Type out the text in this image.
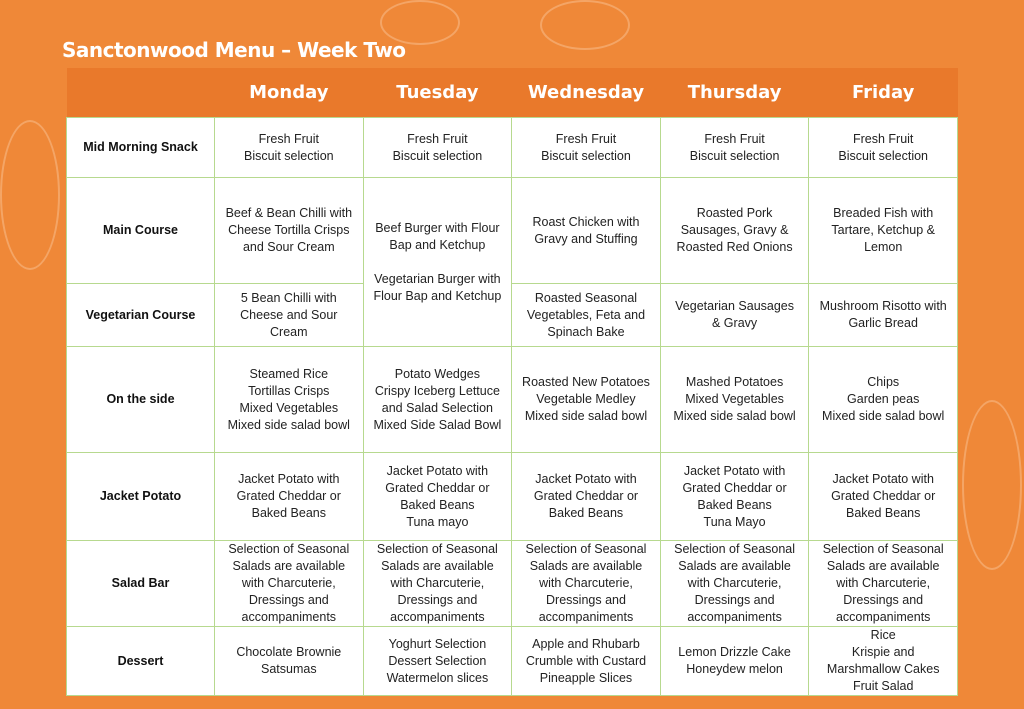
Sanctonwood Menu – Week Two
	Monday	Tuesday	Wednesday	Thursday	Friday
Mid Morning Snack	Fresh Fruit
Biscuit selection	Fresh Fruit
Biscuit selection	Fresh Fruit
Biscuit selection	Fresh Fruit
Biscuit selection	Fresh Fruit
Biscuit selection
Main Course	Beef & Bean Chilli with
Cheese Tortilla Crisps
and Sour Cream	Beef Burger with Flour
Bap and Ketchup

Vegetarian Burger with
Flour Bap and Ketchup	Roast Chicken with
Gravy and Stuffing	Roasted Pork
Sausages, Gravy &
Roasted Red Onions	Breaded Fish with
Tartare, Ketchup &
Lemon
Vegetarian Course	5 Bean Chilli with
Cheese and Sour
Cream		Roasted Seasonal
Vegetables, Feta and
Spinach Bake	Vegetarian Sausages
& Gravy	Mushroom Risotto with
Garlic Bread
On the side	Steamed Rice
Tortillas Crisps
Mixed Vegetables
Mixed side salad bowl	Potato Wedges
Crispy Iceberg Lettuce
and Salad Selection
Mixed Side Salad Bowl	Roasted New Potatoes
Vegetable Medley
Mixed side salad bowl	Mashed Potatoes
Mixed Vegetables
Mixed side salad bowl	Chips
Garden peas
Mixed side salad bowl
Jacket Potato	Jacket Potato with
Grated Cheddar or
Baked Beans	Jacket Potato with
Grated Cheddar or
Baked Beans
Tuna mayo	Jacket Potato with
Grated Cheddar or
Baked Beans	Jacket Potato with
Grated Cheddar or
Baked Beans
Tuna Mayo	Jacket Potato with
Grated Cheddar or
Baked Beans
Salad Bar	Selection of Seasonal
Salads are available
with Charcuterie,
Dressings and
accompaniments	Selection of Seasonal
Salads are available
with Charcuterie,
Dressings and
accompaniments	Selection of Seasonal
Salads are available
with Charcuterie,
Dressings and
accompaniments	Selection of Seasonal
Salads are available
with Charcuterie,
Dressings and
accompaniments	Selection of Seasonal
Salads are available
with Charcuterie,
Dressings and
accompaniments
Dessert	Chocolate Brownie
Satsumas	Yoghurt Selection
Dessert Selection
Watermelon slices	Apple and Rhubarb
Crumble with Custard
Pineapple Slices	Lemon Drizzle Cake
Honeydew melon	Rice
Krispie and
Marshmallow Cakes
Fruit Salad
